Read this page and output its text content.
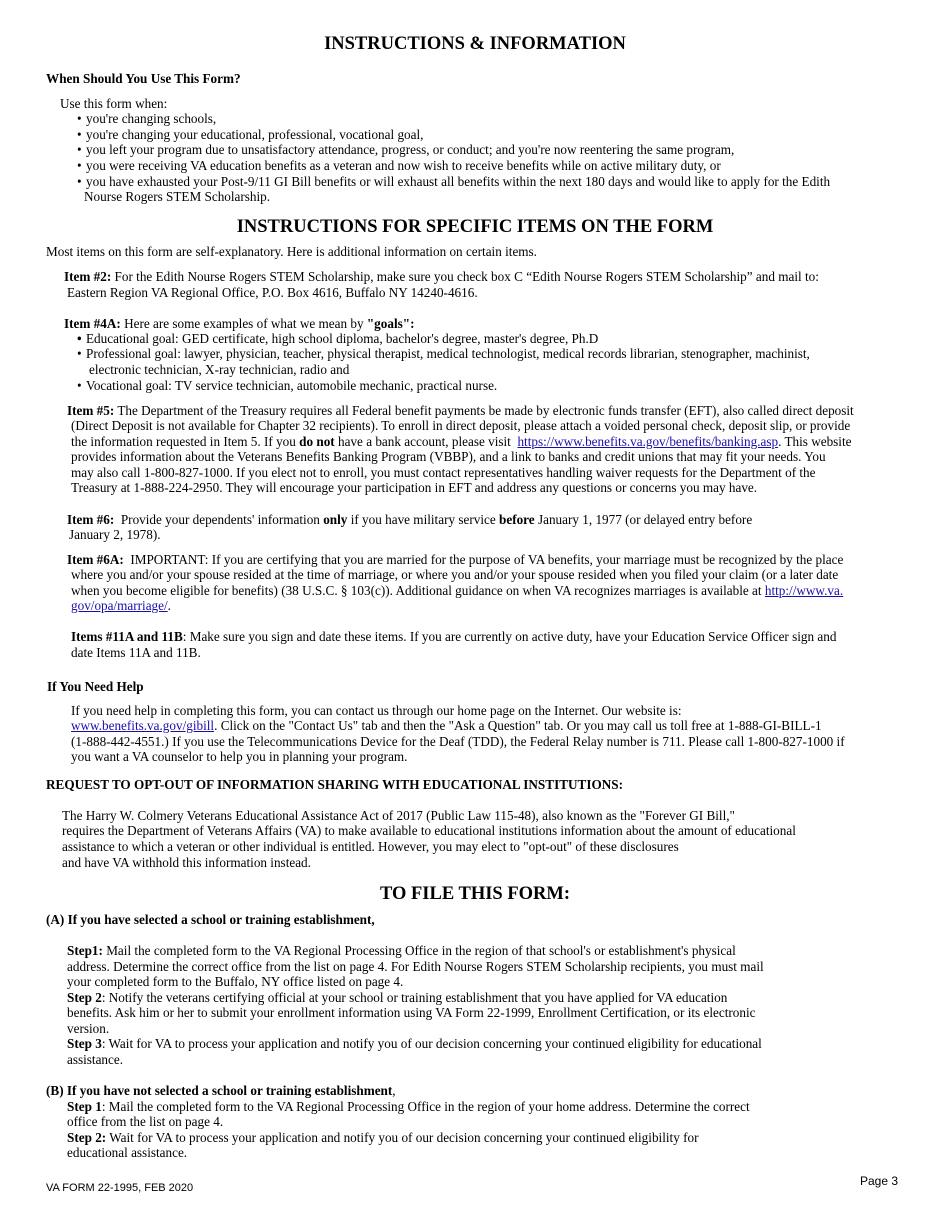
INSTRUCTIONS & INFORMATION
When Should You Use This Form?
Use this form when:
• you're changing schools,
• you're changing your educational, professional, vocational goal,
• you left your program due to unsatisfactory attendance, progress, or conduct; and you're now reentering the same program,
• you were receiving VA education benefits as a veteran and now wish to receive benefits while on active military duty, or
• you have exhausted your Post-9/11 GI Bill benefits or will exhaust all benefits within the next 180 days and would like to apply for the Edith
Nourse Rogers STEM Scholarship.
INSTRUCTIONS FOR SPECIFIC ITEMS ON THE FORM
Most items on this form are self-explanatory. Here is additional information on certain items.
Item #2: For the Edith Nourse Rogers STEM Scholarship, make sure you check box C “Edith Nourse Rogers STEM Scholarship” and mail to:
Eastern Region VA Regional Office, P.O. Box 4616, Buffalo NY 14240-4616.
Item #4A: Here are some examples of what we mean by "goals":
• Educational goal: GED certificate, high school diploma, bachelor's degree, master's degree, Ph.D
• Professional goal: lawyer, physician, teacher, physical therapist, medical technologist, medical records librarian, stenographer, machinist,
electronic technician, X-ray technician, radio and
• Vocational goal: TV service technician, automobile mechanic, practical nurse.
Item #5: The Department of the Treasury requires all Federal benefit payments be made by electronic funds transfer (EFT), also called direct deposit
(Direct Deposit is not available for Chapter 32 recipients). To enroll in direct deposit, please attach a voided personal check, deposit slip, or provide
the information requested in Item 5. If you do not have a bank account, please visit https://www.benefits.va.gov/benefits/banking.asp. This website
provides information about the Veterans Benefits Banking Program (VBBP), and a link to banks and credit unions that may fit your needs. You
may also call 1-800-827-1000. If you elect not to enroll, you must contact representatives handling waiver requests for the Department of the
Treasury at 1-888-224-2950. They will encourage your participation in EFT and address any questions or concerns you may have.
Item #6: Provide your dependents' information only if you have military service before January 1, 1977 (or delayed entry before
January 2, 1978).
Item #6A: IMPORTANT: If you are certifying that you are married for the purpose of VA benefits, your marriage must be recognized by the place
where you and/or your spouse resided at the time of marriage, or where you and/or your spouse resided when you filed your claim (or a later date
when you become eligible for benefits) (38 U.S.C. § 103(c)). Additional guidance on when VA recognizes marriages is available at http://www.va.
gov/opa/marriage/.
Items #11A and 11B: Make sure you sign and date these items. If you are currently on active duty, have your Education Service Officer sign and
date Items 11A and 11B.
If You Need Help
If you need help in completing this form, you can contact us through our home page on the Internet. Our website is:
www.benefits.va.gov/gibill. Click on the "Contact Us" tab and then the "Ask a Question" tab. Or you may call us toll free at 1-888-GI-BILL-1
(1-888-442-4551.) If you use the Telecommunications Device for the Deaf (TDD), the Federal Relay number is 711. Please call 1-800-827-1000 if
you want a VA counselor to help you in planning your program.
REQUEST TO OPT-OUT OF INFORMATION SHARING WITH EDUCATIONAL INSTITUTIONS:
The Harry W. Colmery Veterans Educational Assistance Act of 2017 (Public Law 115-48), also known as the "Forever GI Bill,"
requires the Department of Veterans Affairs (VA) to make available to educational institutions information about the amount of educational
assistance to which a veteran or other individual is entitled. However, you may elect to "opt-out" of these disclosures
and have VA withhold this information instead.
TO FILE THIS FORM:
(A) If you have selected a school or training establishment,
Step1: Mail the completed form to the VA Regional Processing Office in the region of that school's or establishment's physical
address. Determine the correct office from the list on page 4. For Edith Nourse Rogers STEM Scholarship recipients, you must mail
your completed form to the Buffalo, NY office listed on page 4.
Step 2: Notify the veterans certifying official at your school or training establishment that you have applied for VA education
benefits. Ask him or her to submit your enrollment information using VA Form 22-1999, Enrollment Certification, or its electronic
version.
Step 3: Wait for VA to process your application and notify you of our decision concerning your continued eligibility for educational
assistance.
(B) If you have not selected a school or training establishment,
Step 1: Mail the completed form to the VA Regional Processing Office in the region of your home address. Determine the correct
office from the list on page 4.
Step 2: Wait for VA to process your application and notify you of our decision concerning your continued eligibility for
educational assistance.
VA FORM 22-1995, FEB 2020	Page 3
